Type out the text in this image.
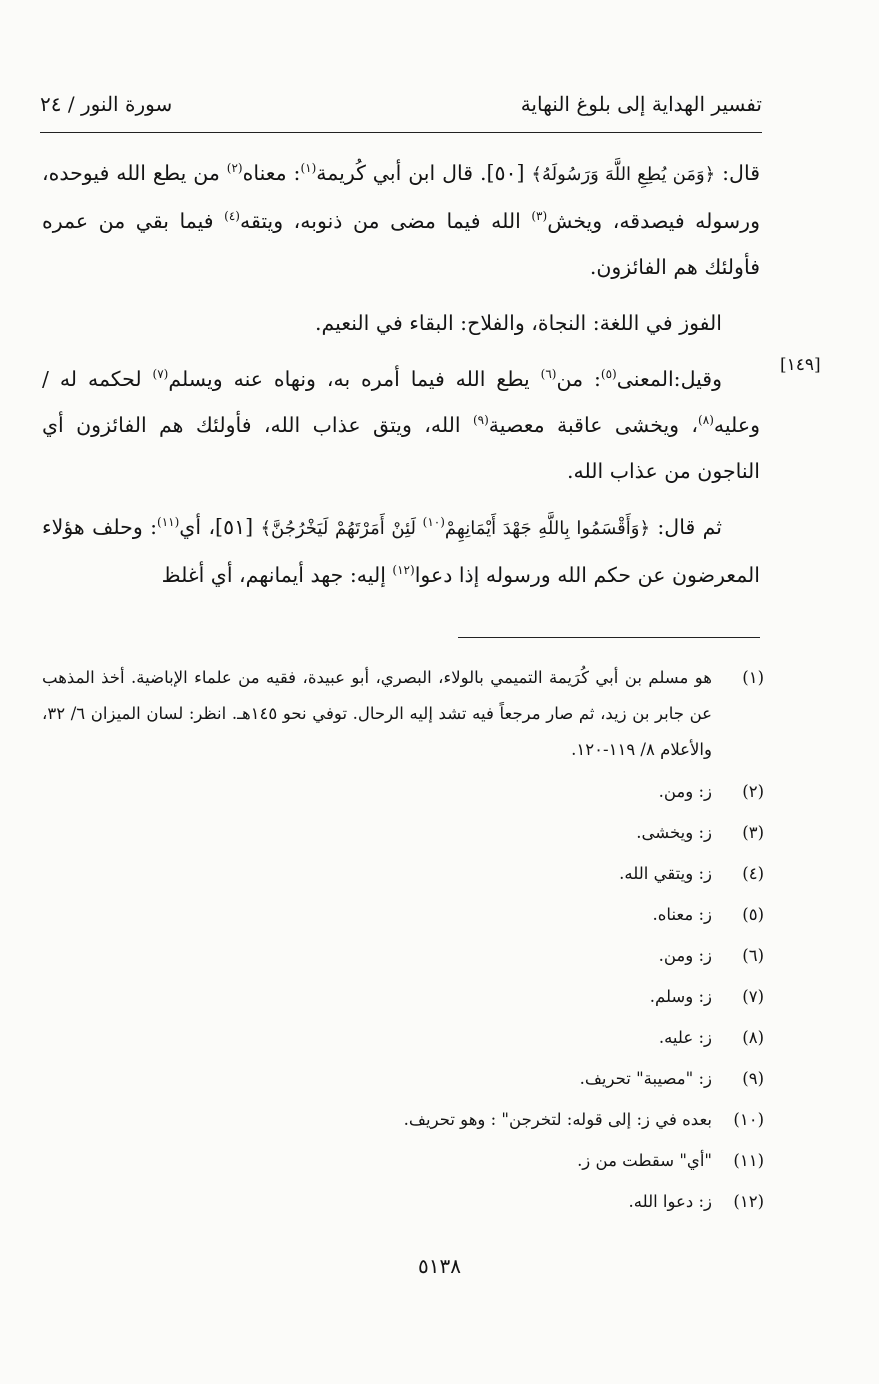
تفسير الهداية إلى بلوغ النهاية
سورة النور / ٢٤
[١٤٩]

قال: ﴿وَمَن يُطِعِ اللَّهَ وَرَسُولَهُ﴾ [٥٠]. قال ابن أبي كُريمة$^{(١)}$: معناه$^{(٢)}$ من يطع الله فيوحده، ورسوله فيصدقه، ويخش$^{(٣)}$ الله فيما مضى من ذنوبه، ويتقه$^{(٤)}$ فيما بقي من عمره فأولئك هم الفائزون.

الفوز في اللغة: النجاة، والفلاح: البقاء في النعيم.

وقيل:المعنى$^{(٥)}$: من$^{(٦)}$ يطع الله فيما أمره به، ونهاه عنه ويسلم$^{(٧)}$ لحكمه له / وعليه$^{(٨)}$، ويخشى عاقبة معصية$^{(٩)}$ الله، ويتق عذاب الله، فأولئك هم الفائزون أي الناجون من عذاب الله.

ثم قال: ﴿وَأَقْسَمُوا بِاللَّهِ جَهْدَ أَيْمَانِهِمْ$^{(١٠)}$ لَئِنْ أَمَرْتَهُمْ لَيَخْرُجُنَّ﴾ [٥١]، أي$^{(١١)}$: وحلف هؤلاء المعرضون عن حكم الله ورسوله إذا دعوا$^{(١٢)}$ إليه: جهد أيمانهم، أي أغلظ

(١)
هو مسلم بن أبي كُرَيمة التميمي بالولاء، البصري، أبو عبيدة، فقيه من علماء الإباضية. أخذ المذهب عن جابر بن زيد، ثم صار مرجعاً فيه تشد إليه الرحال. توفي نحو ١٤٥هـ. انظر: لسان الميزان ٦/ ٣٢، والأعلام ٨/ ١١٩-١٢٠.
(٢)
ز: ومن.
(٣)
ز: ويخشى.
(٤)
ز: ويتقي الله.
(٥)
ز: معناه.
(٦)
ز: ومن.
(٧)
ز: وسلم.
(٨)
ز: عليه.
(٩)
ز: "مصيبة" تحريف.
(١٠)
بعده في ز: إلى قوله: لتخرجن" : وهو تحريف.
(١١)
"أي" سقطت من ز.
(١٢)
ز: دعوا الله.
٥١٣٨
